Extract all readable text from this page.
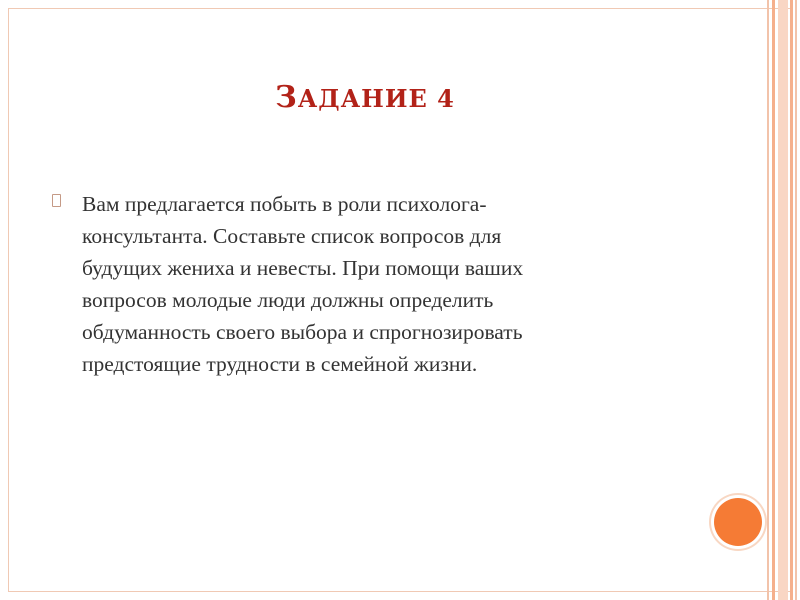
ЗАДАНИЕ 4
Вам предлагается побыть в роли психолога-
консультанта. Составьте список вопросов для
будущих жениха и невесты. При помощи ваших
вопросов молодые люди должны определить
обдуманность своего выбора и спрогнозировать
предстоящие трудности в семейной жизни.
